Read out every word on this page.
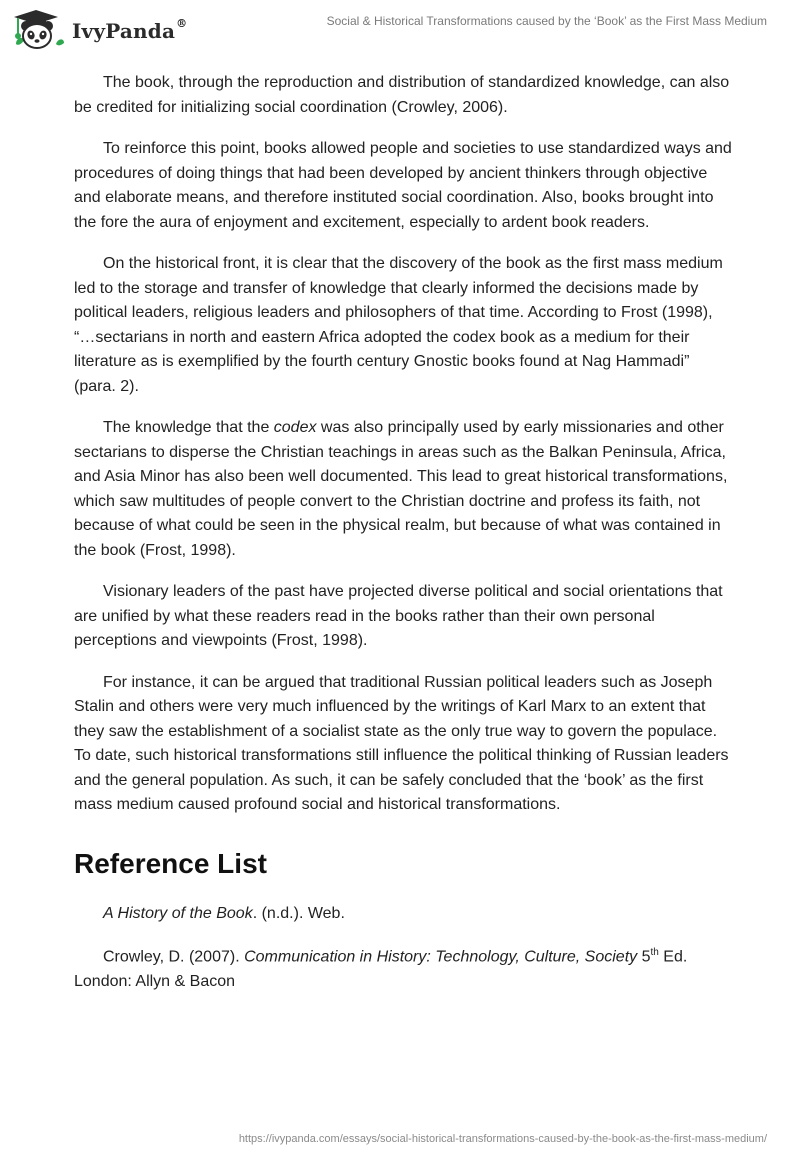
IvyPanda®	Social & Historical Transformations caused by the ‘Book’ as the First Mass Medium

The book, through the reproduction and distribution of standardized knowledge, can also be credited for initializing social coordination (Crowley, 2006).

To reinforce this point, books allowed people and societies to use standardized ways and procedures of doing things that had been developed by ancient thinkers through objective and elaborate means, and therefore instituted social coordination. Also, books brought into the fore the aura of enjoyment and excitement, especially to ardent book readers.

On the historical front, it is clear that the discovery of the book as the first mass medium led to the storage and transfer of knowledge that clearly informed the decisions made by political leaders, religious leaders and philosophers of that time. According to Frost (1998), “…sectarians in north and eastern Africa adopted the codex book as a medium for their literature as is exemplified by the fourth century Gnostic books found at Nag Hammadi” (para. 2).

The knowledge that the codex was also principally used by early missionaries and other sectarians to disperse the Christian teachings in areas such as the Balkan Peninsula, Africa, and Asia Minor has also been well documented. This lead to great historical transformations, which saw multitudes of people convert to the Christian doctrine and profess its faith, not because of what could be seen in the physical realm, but because of what was contained in the book (Frost, 1998).

Visionary leaders of the past have projected diverse political and social orientations that are unified by what these readers read in the books rather than their own personal perceptions and viewpoints (Frost, 1998).

For instance, it can be argued that traditional Russian political leaders such as Joseph Stalin and others were very much influenced by the writings of Karl Marx to an extent that they saw the establishment of a socialist state as the only true way to govern the populace. To date, such historical transformations still influence the political thinking of Russian leaders and the general population. As such, it can be safely concluded that the ‘book’ as the first mass medium caused profound social and historical transformations.

Reference List

A History of the Book. (n.d.). Web.

Crowley, D. (2007). Communication in History: Technology, Culture, Society 5th Ed. London: Allyn & Bacon

https://ivypanda.com/essays/social-historical-transformations-caused-by-the-book-as-the-first-mass-medium/
